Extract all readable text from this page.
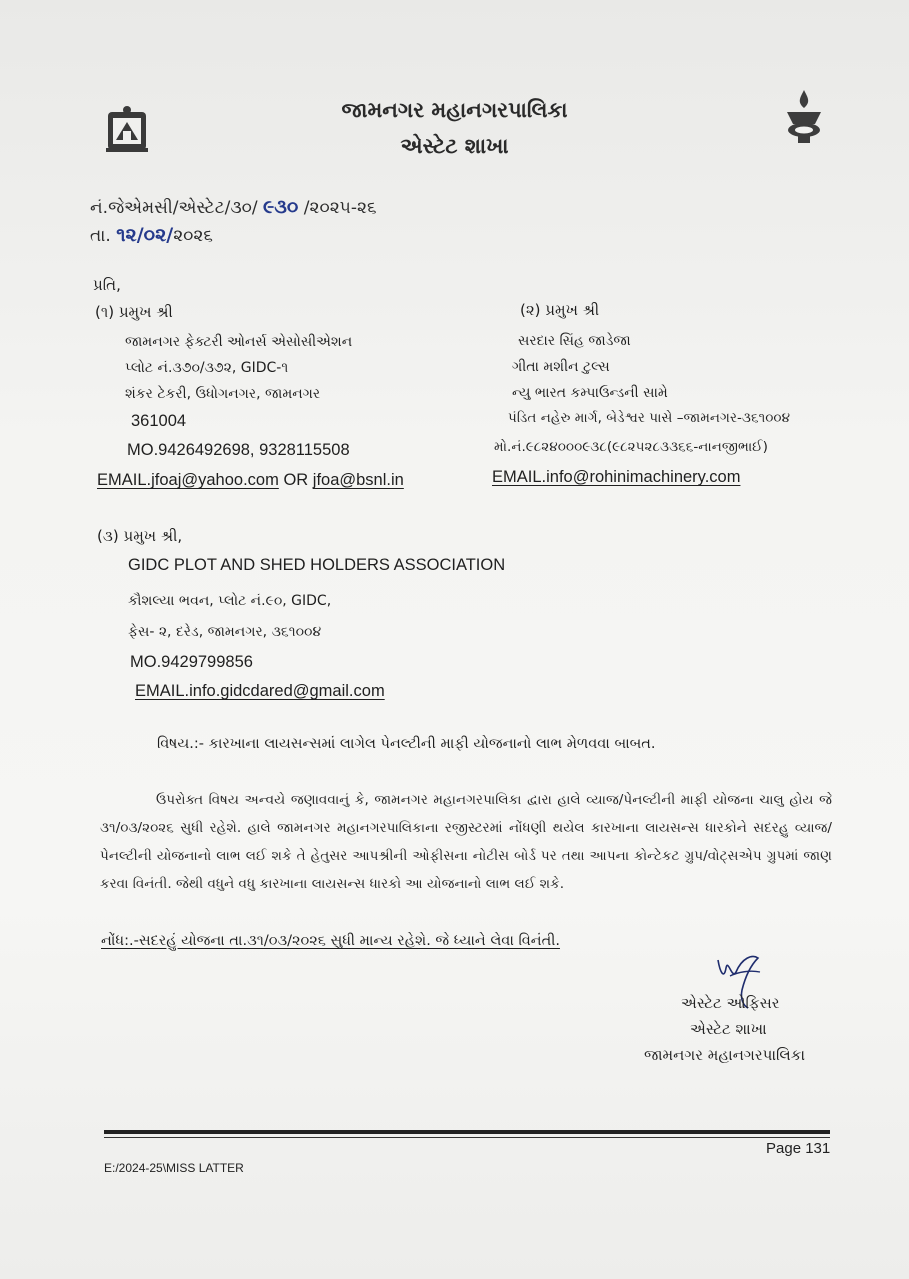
જામનગર મહાનગરપાલિકા
એસ્ટેટ શાખા
નં.જેએમસી/એસ્ટેટ/૩૦/ ૯૩૦ /૨૦૨૫-૨૬
તા. ૧૨/૦૨/૨૦૨૬
પ્રતિ,
(૧) પ્રમુખ શ્રી
જામનગર ફેક્ટરી ઓનર્સ એસોસીએશન
પ્લોટ નં.૩૭૦/૩૭૨, GIDC-૧
શંકર ટેકરી, ઉધોગનગર, જામનગર
361004
MO.9426492698, 9328115508
EMAIL.jfoaj@yahoo.com OR jfoa@bsnl.in
(૨) પ્રમુખ શ્રી
સરદાર સિંહ જાડેજા
ગીતા મશીન ટુલ્સ
ન્યુ ભારત કમ્પાઉન્ડની સામે
પંડિત નહેરુ માર્ગ, બેડેશ્વર પાસે –જામનગર-૩૬૧૦૦૪
મો.નં.૯૮૨૪૦૦૦૯૩૮(૯૮૨૫૨૮૩૩૬૬-નાનજીભાઈ)
EMAIL.info@rohinimachinery.com
(૩) પ્રમુખ શ્રી,
GIDC PLOT AND SHED HOLDERS ASSOCIATION
કૌશલ્યા ભવન, પ્લોટ નં.૯૦, GIDC,
ફેસ- ૨, દરેડ, જામનગર, ૩૬૧૦૦૪
MO.9429799856
EMAIL.info.gidcdared@gmail.com
વિષય.:- કારખાના લાયસન્સમાં લાગેલ પેનલ્ટીની માફી યોજનાનો લાભ મેળવવા બાબત.
ઉપરોક્ત વિષય અન્વયે જણાવવાનું કે, જામનગર મહાનગરપાલિકા દ્વારા હાલે વ્યાજ/પેનલ્ટીની માફી યોજના ચાલુ હોય જે ૩૧/૦૩/૨૦૨૬ સુધી રહેશે. હાલે જામનગર મહાનગરપાલિકાના રજીસ્ટરમાં નોંધણી થયેલ કારખાના લાયસન્સ ધારકોને સદરહુ વ્યાજ/પેનલ્ટીની યોજનાનો લાભ લઈ શકે તે હેતુસર આપશ્રીની ઓફીસના નોટીસ બોર્ડ પર તથા આપના કોન્ટેકટ ગ્રુપ/વોટ્સએપ ગ્રુપમાં જાણ કરવા વિનંતી. જેથી વધુને વધુ કારખાના લાયસન્સ ધારકો આ યોજનાનો લાભ લઈ શકે.
નોંધ:.-સદરહું યોજના તા.૩૧/૦૩/૨૦૨૬ સુધી માન્ય રહેશે. જે ધ્યાને લેવા વિનંતી.
એસ્ટેટ ઓફિસર
એસ્ટેટ શાખા
જામનગર મહાનગરપાલિકા
Page 131
E:/2024-25\MISS LATTER
